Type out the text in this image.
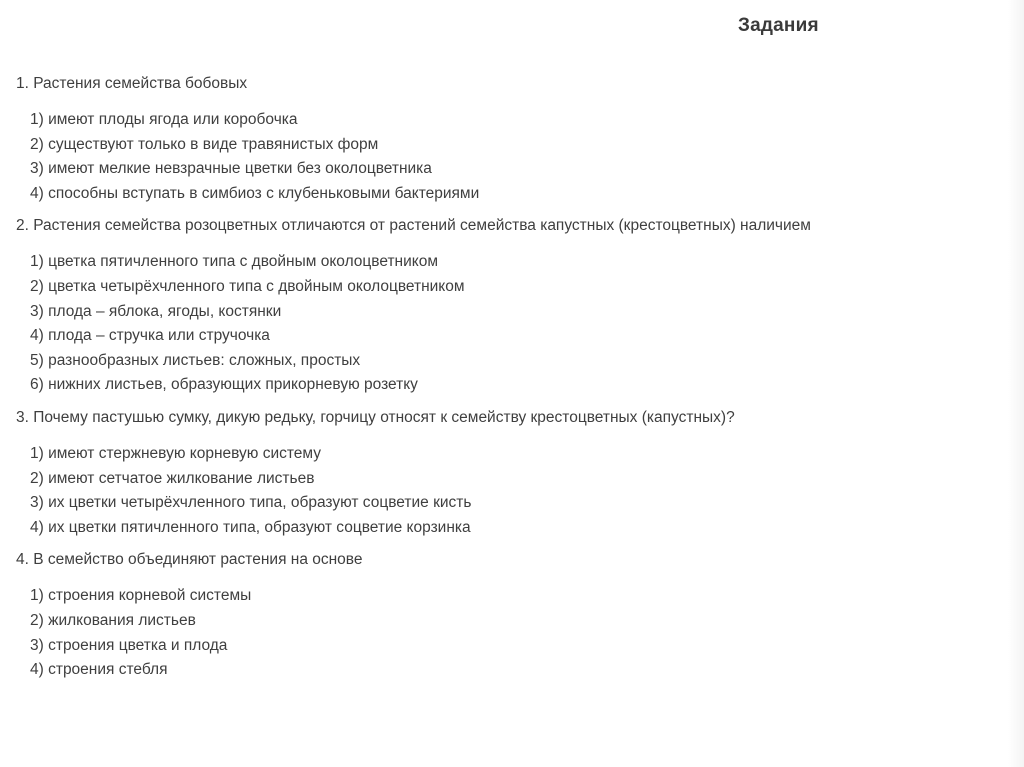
Задания
1. Растения семейства бобовых
1) имеют плоды ягода или коробочка
2) существуют только в виде травянистых форм
3) имеют мелкие невзрачные цветки без околоцветника
4) способны вступать в симбиоз с клубеньковыми бактериями
2. Растения семейства розоцветных отличаются от растений семейства капустных (крестоцветных) наличием
1) цветка пятичленного типа с двойным околоцветником
2) цветка четырёхчленного типа с двойным околоцветником
3) плода – яблока, ягоды, костянки
4) плода – стручка или стручочка
5) разнообразных листьев: сложных, простых
6) нижних листьев, образующих прикорневую розетку
3. Почему пастушью сумку, дикую редьку, горчицу относят к семейству крестоцветных (капустных)?
1) имеют стержневую корневую систему
2) имеют сетчатое жилкование листьев
3) их цветки четырёхчленного типа, образуют соцветие кисть
4) их цветки пятичленного типа, образуют соцветие корзинка
4. В семейство объединяют растения на основе
1) строения корневой системы
2) жилкования листьев
3) строения цветка и плода
4) строения стебля
